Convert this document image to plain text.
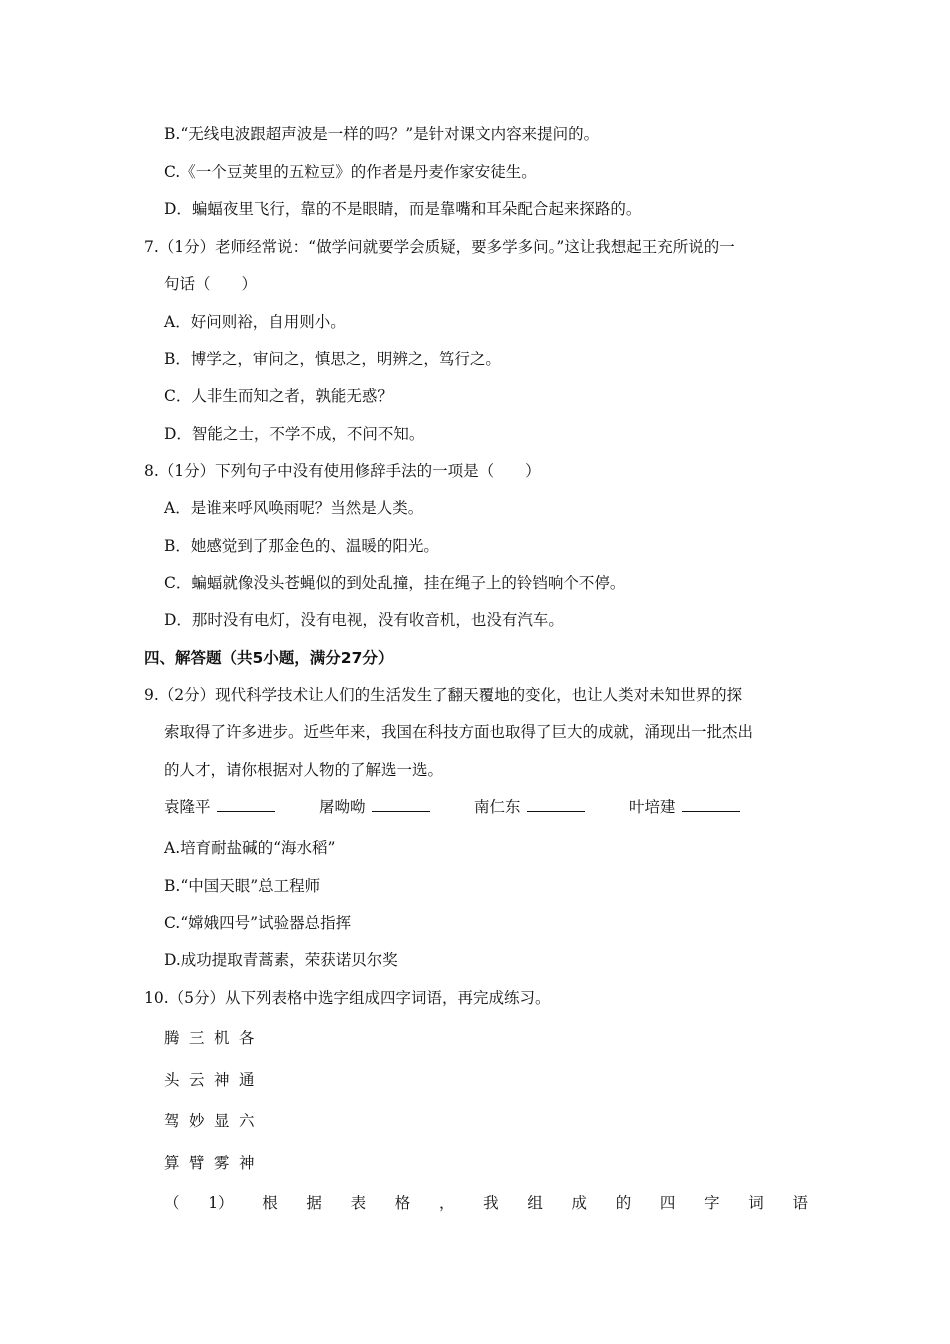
B.“无线电波跟超声波是一样的吗？”是针对课文内容来提问的。
C.《一个豆荚里的五粒豆》的作者是丹麦作家安徒生。
D．蝙蝠夜里飞行，靠的不是眼睛，而是靠嘴和耳朵配合起来探路的。
7.（1分）老师经常说：“做学问就要学会质疑，要多学多问。”这让我想起王充所说的一
句话（　　）
A．好问则裕，自用则小。
B．博学之，审问之，慎思之，明辨之，笃行之。
C．人非生而知之者，孰能无惑？
D．智能之士，不学不成，不问不知。
8.（1分）下列句子中没有使用修辞手法的一项是（　　）
A．是谁来呼风唤雨呢？当然是人类。
B．她感觉到了那金色的、温暖的阳光。
C．蝙蝠就像没头苍蝇似的到处乱撞，挂在绳子上的铃铛响个不停。
D．那时没有电灯，没有电视，没有收音机，也没有汽车。
四、解答题（共5小题，满分27分）
9.（2分）现代科学技术让人们的生活发生了翻天覆地的变化，也让人类对未知世界的探
索取得了许多进步。近些年来，我国在科技方面也取得了巨大的成就，涌现出一批杰出
的人才，请你根据对人物的了解选一选。
袁隆平	屠呦呦	南仁东	叶培建
A.培育耐盐碱的“海水稻”
B.“中国天眼”总工程师
C.“嫦娥四号”试验器总指挥
D.成功提取青蒿素，荣获诺贝尔奖
10.（5分）从下列表格中选字组成四字词语，再完成练习。
腾 三 机 各
头 云 神 通
驾 妙 显 六
算 臂 雾 神
（ 1） 根 据 表 格 ， 我 组 成 的 四 字 词 语
